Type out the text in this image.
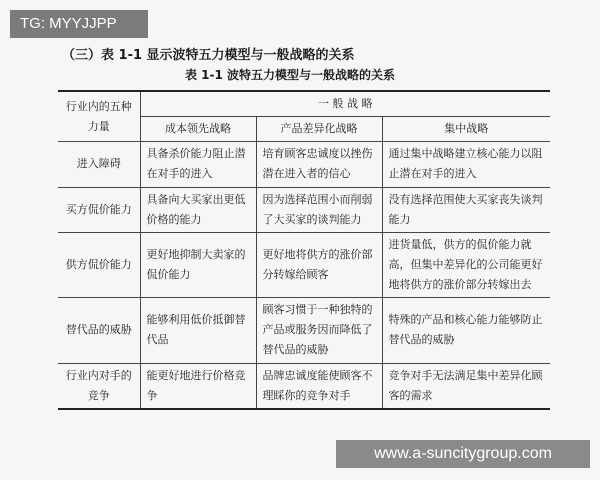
TG: MYYJJPP
（三）表 1-1 显示波特五力模型与一般战略的关系
表 1-1 波特五力模型与一般战略的关系
行业内的五种力量	一 般 战 略		
	成本领先战略	产品差异化战略	集中战略
进入障碍	具备杀价能力阻止潜在对手的进入	培育顾客忠诚度以挫伤潜在进入者的信心	通过集中战略建立核心能力以阻止潜在对手的进入
买方侃价能力	具备向大买家出更低价格的能力	因为选择范围小而削弱了大买家的谈判能力	没有选择范围使大买家丧失谈判能力
供方侃价能力	更好地抑制大卖家的侃价能力	更好地将供方的涨价部分转嫁给顾客	进货量低，供方的侃价能力就高，但集中差异化的公司能更好地将供方的涨价部分转嫁出去
替代品的威胁	能够利用低价抵御替代品	顾客习惯于一种独特的产品或服务因而降低了替代品的威胁	特殊的产品和核心能力能够防止替代品的威胁
行业内对手的竞争	能更好地进行价格竞争	品牌忠诚度能使顾客不理睬你的竞争对手	竞争对手无法满足集中差异化顾客的需求
www.a-suncitygroup.com
